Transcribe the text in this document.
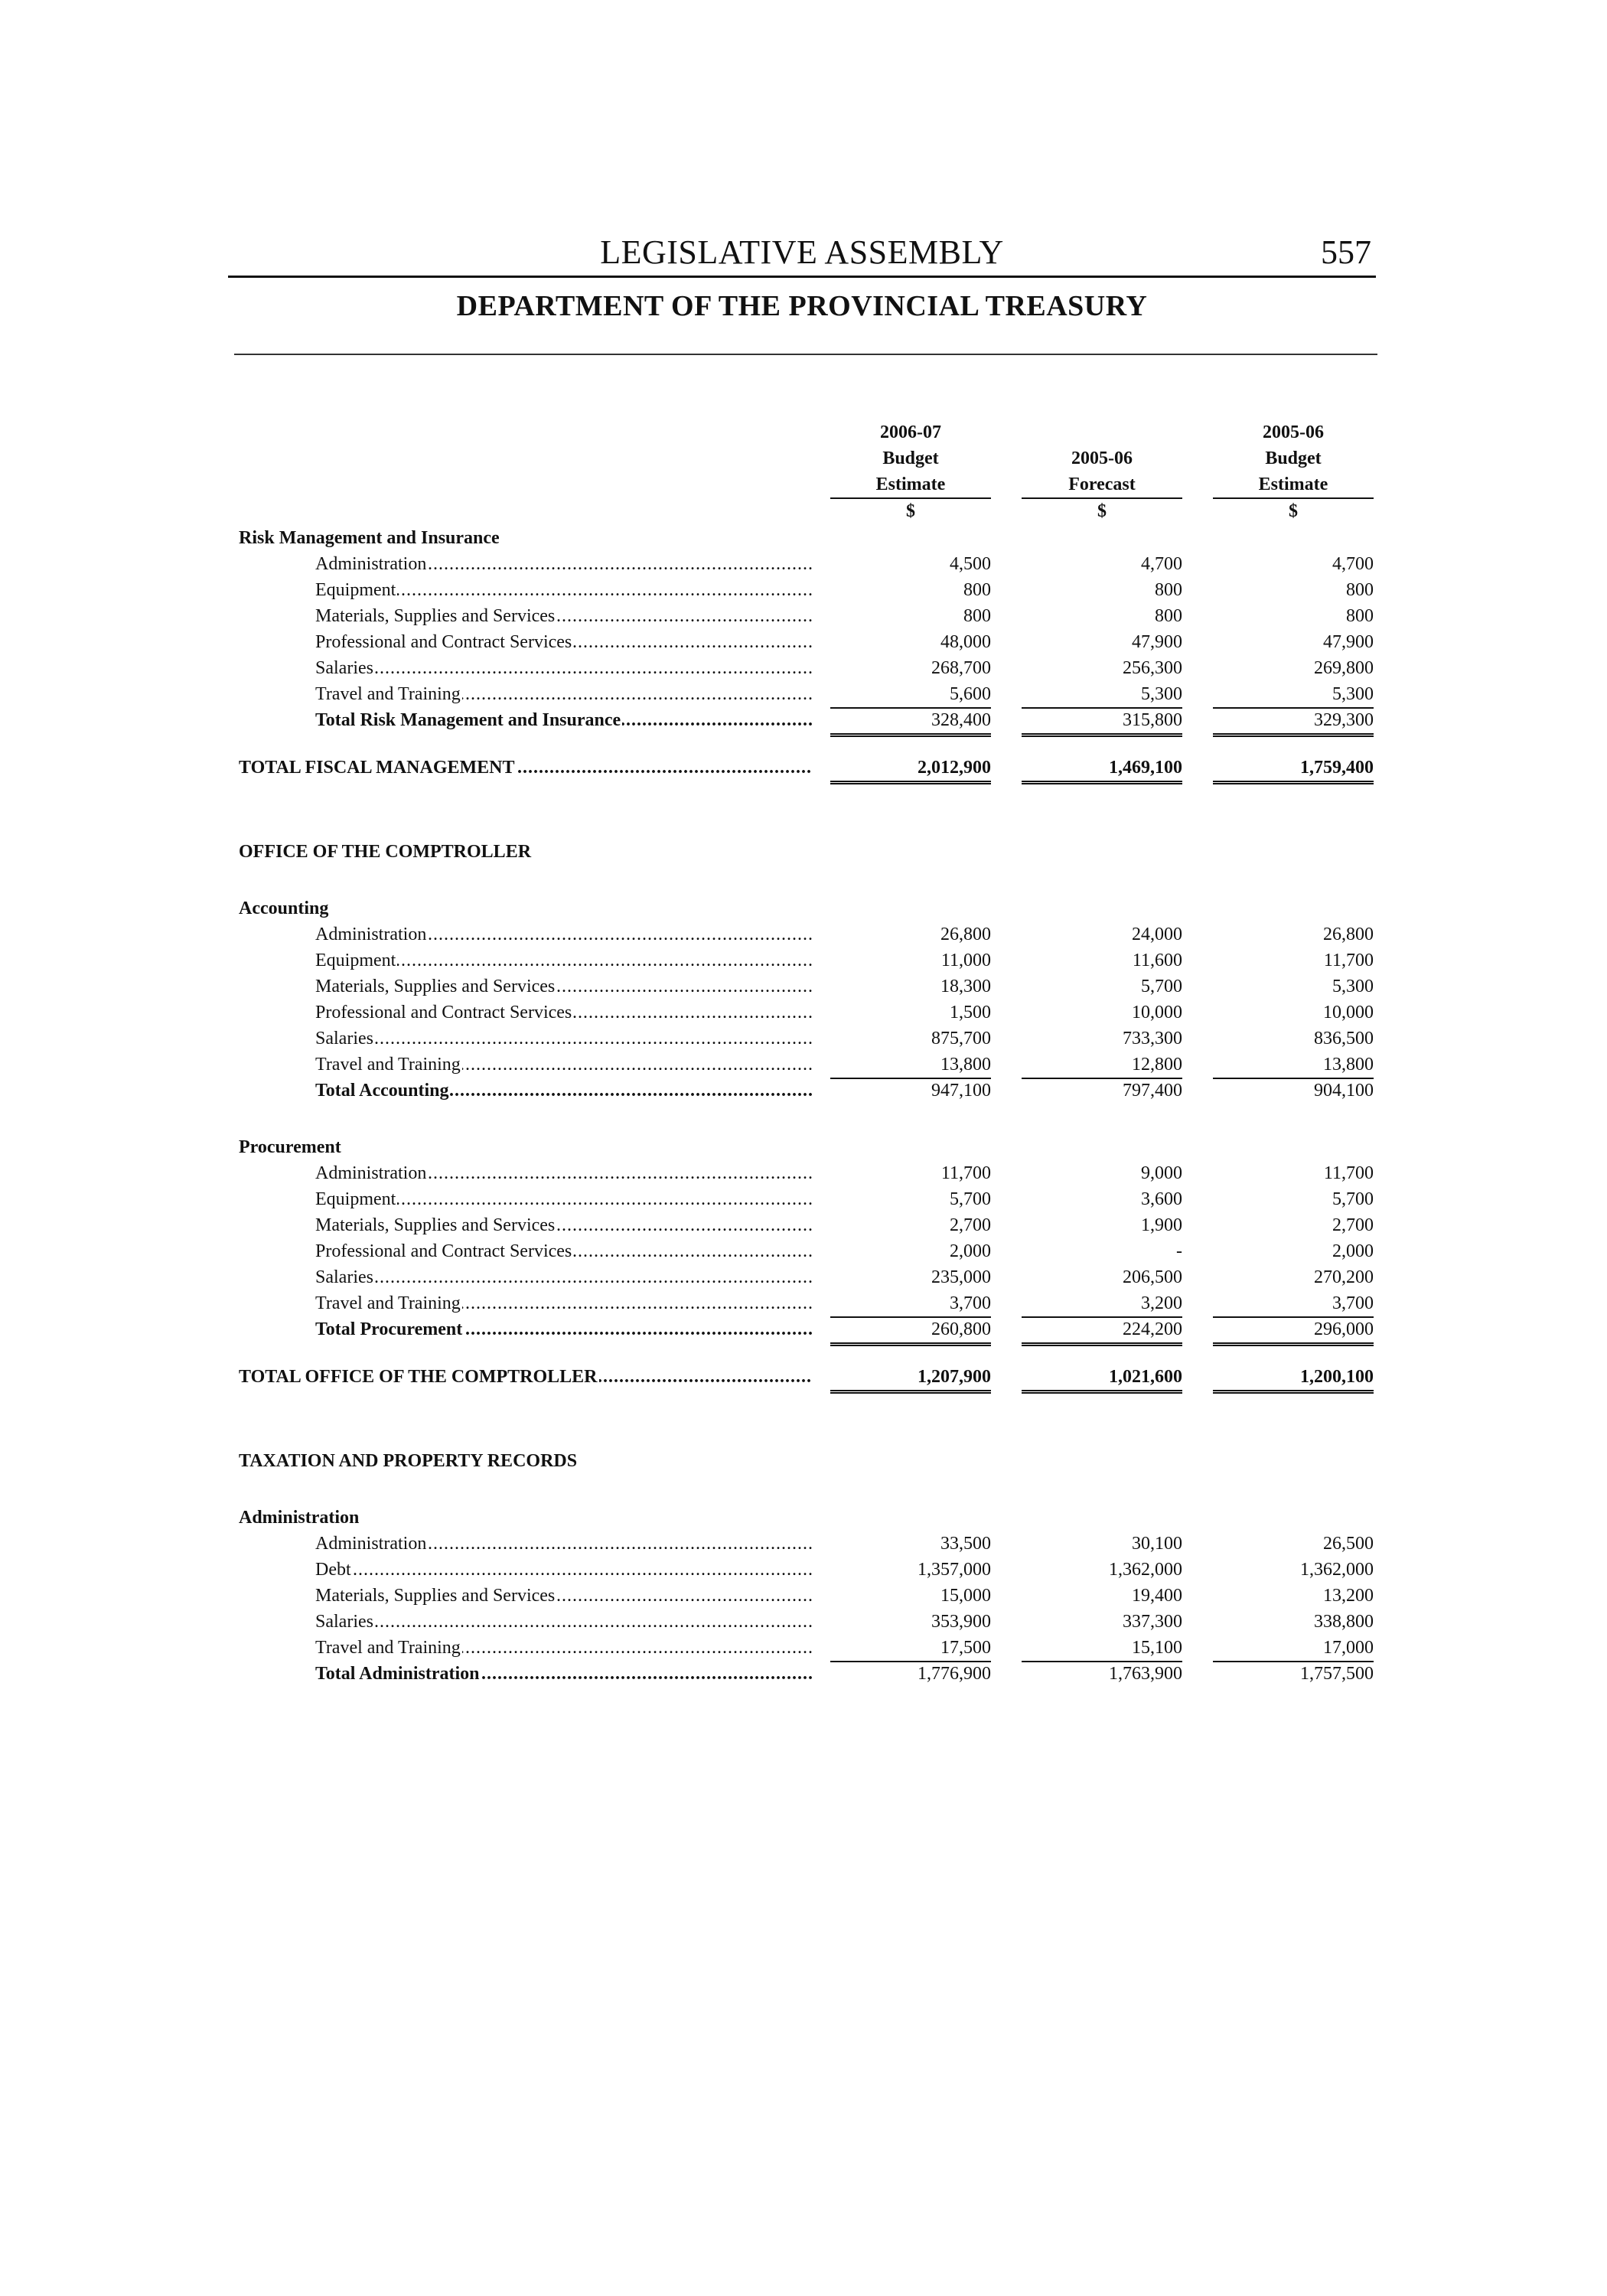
LEGISLATIVE ASSEMBLY	557
DEPARTMENT OF THE PROVINCIAL TREASURY
2006-07
Budget
Estimate
$
2005-06
Forecast
$
2005-06
Budget
Estimate
$
Risk Management and Insurance
Administration .....	4,500	4,700	4,700
Equipment .....	800	800	800
Materials, Supplies and Services .....	800	800	800
Professional and Contract Services .....	48,000	47,900	47,900
Salaries .....	268,700	256,300	269,800
Travel and Training .....	5,600	5,300	5,300
Total Risk Management and Insurance .....	328,400	315,800	329,300
TOTAL FISCAL MANAGEMENT .....	2,012,900	1,469,100	1,759,400
OFFICE OF THE COMPTROLLER
Accounting
Administration .....	26,800	24,000	26,800
Equipment .....	11,000	11,600	11,700
Materials, Supplies and Services .....	18,300	5,700	5,300
Professional and Contract Services .....	1,500	10,000	10,000
Salaries .....	875,700	733,300	836,500
Travel and Training .....	13,800	12,800	13,800
Total Accounting .....	947,100	797,400	904,100
Procurement
Administration .....	11,700	9,000	11,700
Equipment .....	5,700	3,600	5,700
Materials, Supplies and Services .....	2,700	1,900	2,700
Professional and Contract Services .....	2,000	-	2,000
Salaries .....	235,000	206,500	270,200
Travel and Training .....	3,700	3,200	3,700
Total Procurement .....	260,800	224,200	296,000
TOTAL OFFICE OF THE COMPTROLLER .....	1,207,900	1,021,600	1,200,100
TAXATION AND PROPERTY RECORDS
Administration
Administration .....	33,500	30,100	26,500
Debt .....	1,357,000	1,362,000	1,362,000
Materials, Supplies and Services .....	15,000	19,400	13,200
Salaries .....	353,900	337,300	338,800
Travel and Training .....	17,500	15,100	17,000
Total Administration .....	1,776,900	1,763,900	1,757,500
